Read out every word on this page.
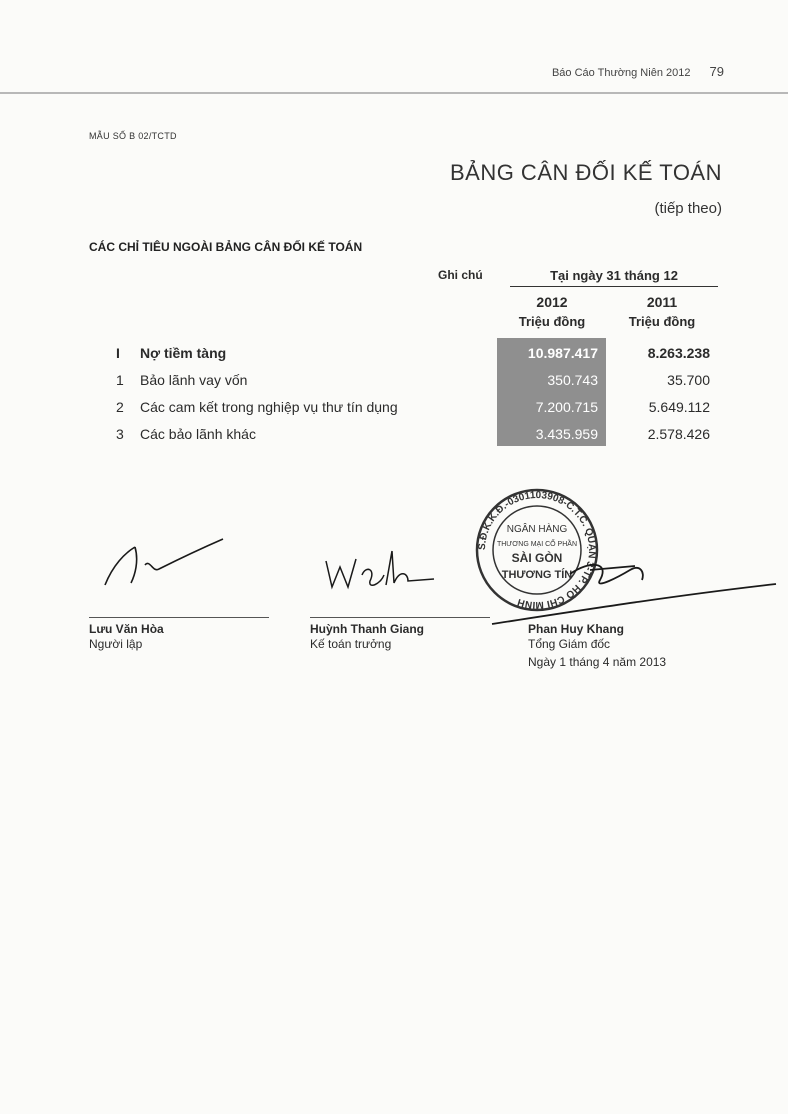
Báo Cáo Thường Niên 2012 79
MẪU SỐ B 02/TCTD
BẢNG CÂN ĐỐI KẾ TOÁN
(tiếp theo)
CÁC CHỈ TIÊU NGOÀI BẢNG CÂN ĐỐI KẾ TOÁN
Ghi chú	Tại ngày 31 tháng 12
2012
Triệu đồng
2011
Triệu đồng
I Nợ tiềm tàng	10.987.417	8.263.238
1 Bảo lãnh vay vốn	350.743	35.700
2 Các cam kết trong nghiệp vụ thư tín dụng	7.200.715	5.649.112
3 Các bảo lãnh khác	3.435.959	2.578.426
S.Đ.K.K.Đ.-0301103908-C.T.C. QUẬN 3-TP. HỒ CHÍ MINH
NGÂN HÀNG
THƯƠNG MẠI CỔ PHẦN
SÀI GÒN
THƯƠNG TÍN
Lưu Văn Hòa
Người lập
Huỳnh Thanh Giang
Kế toán trưởng
Phan Huy Khang
Tổng Giám đốc
Ngày 1 tháng 4 năm 2013
